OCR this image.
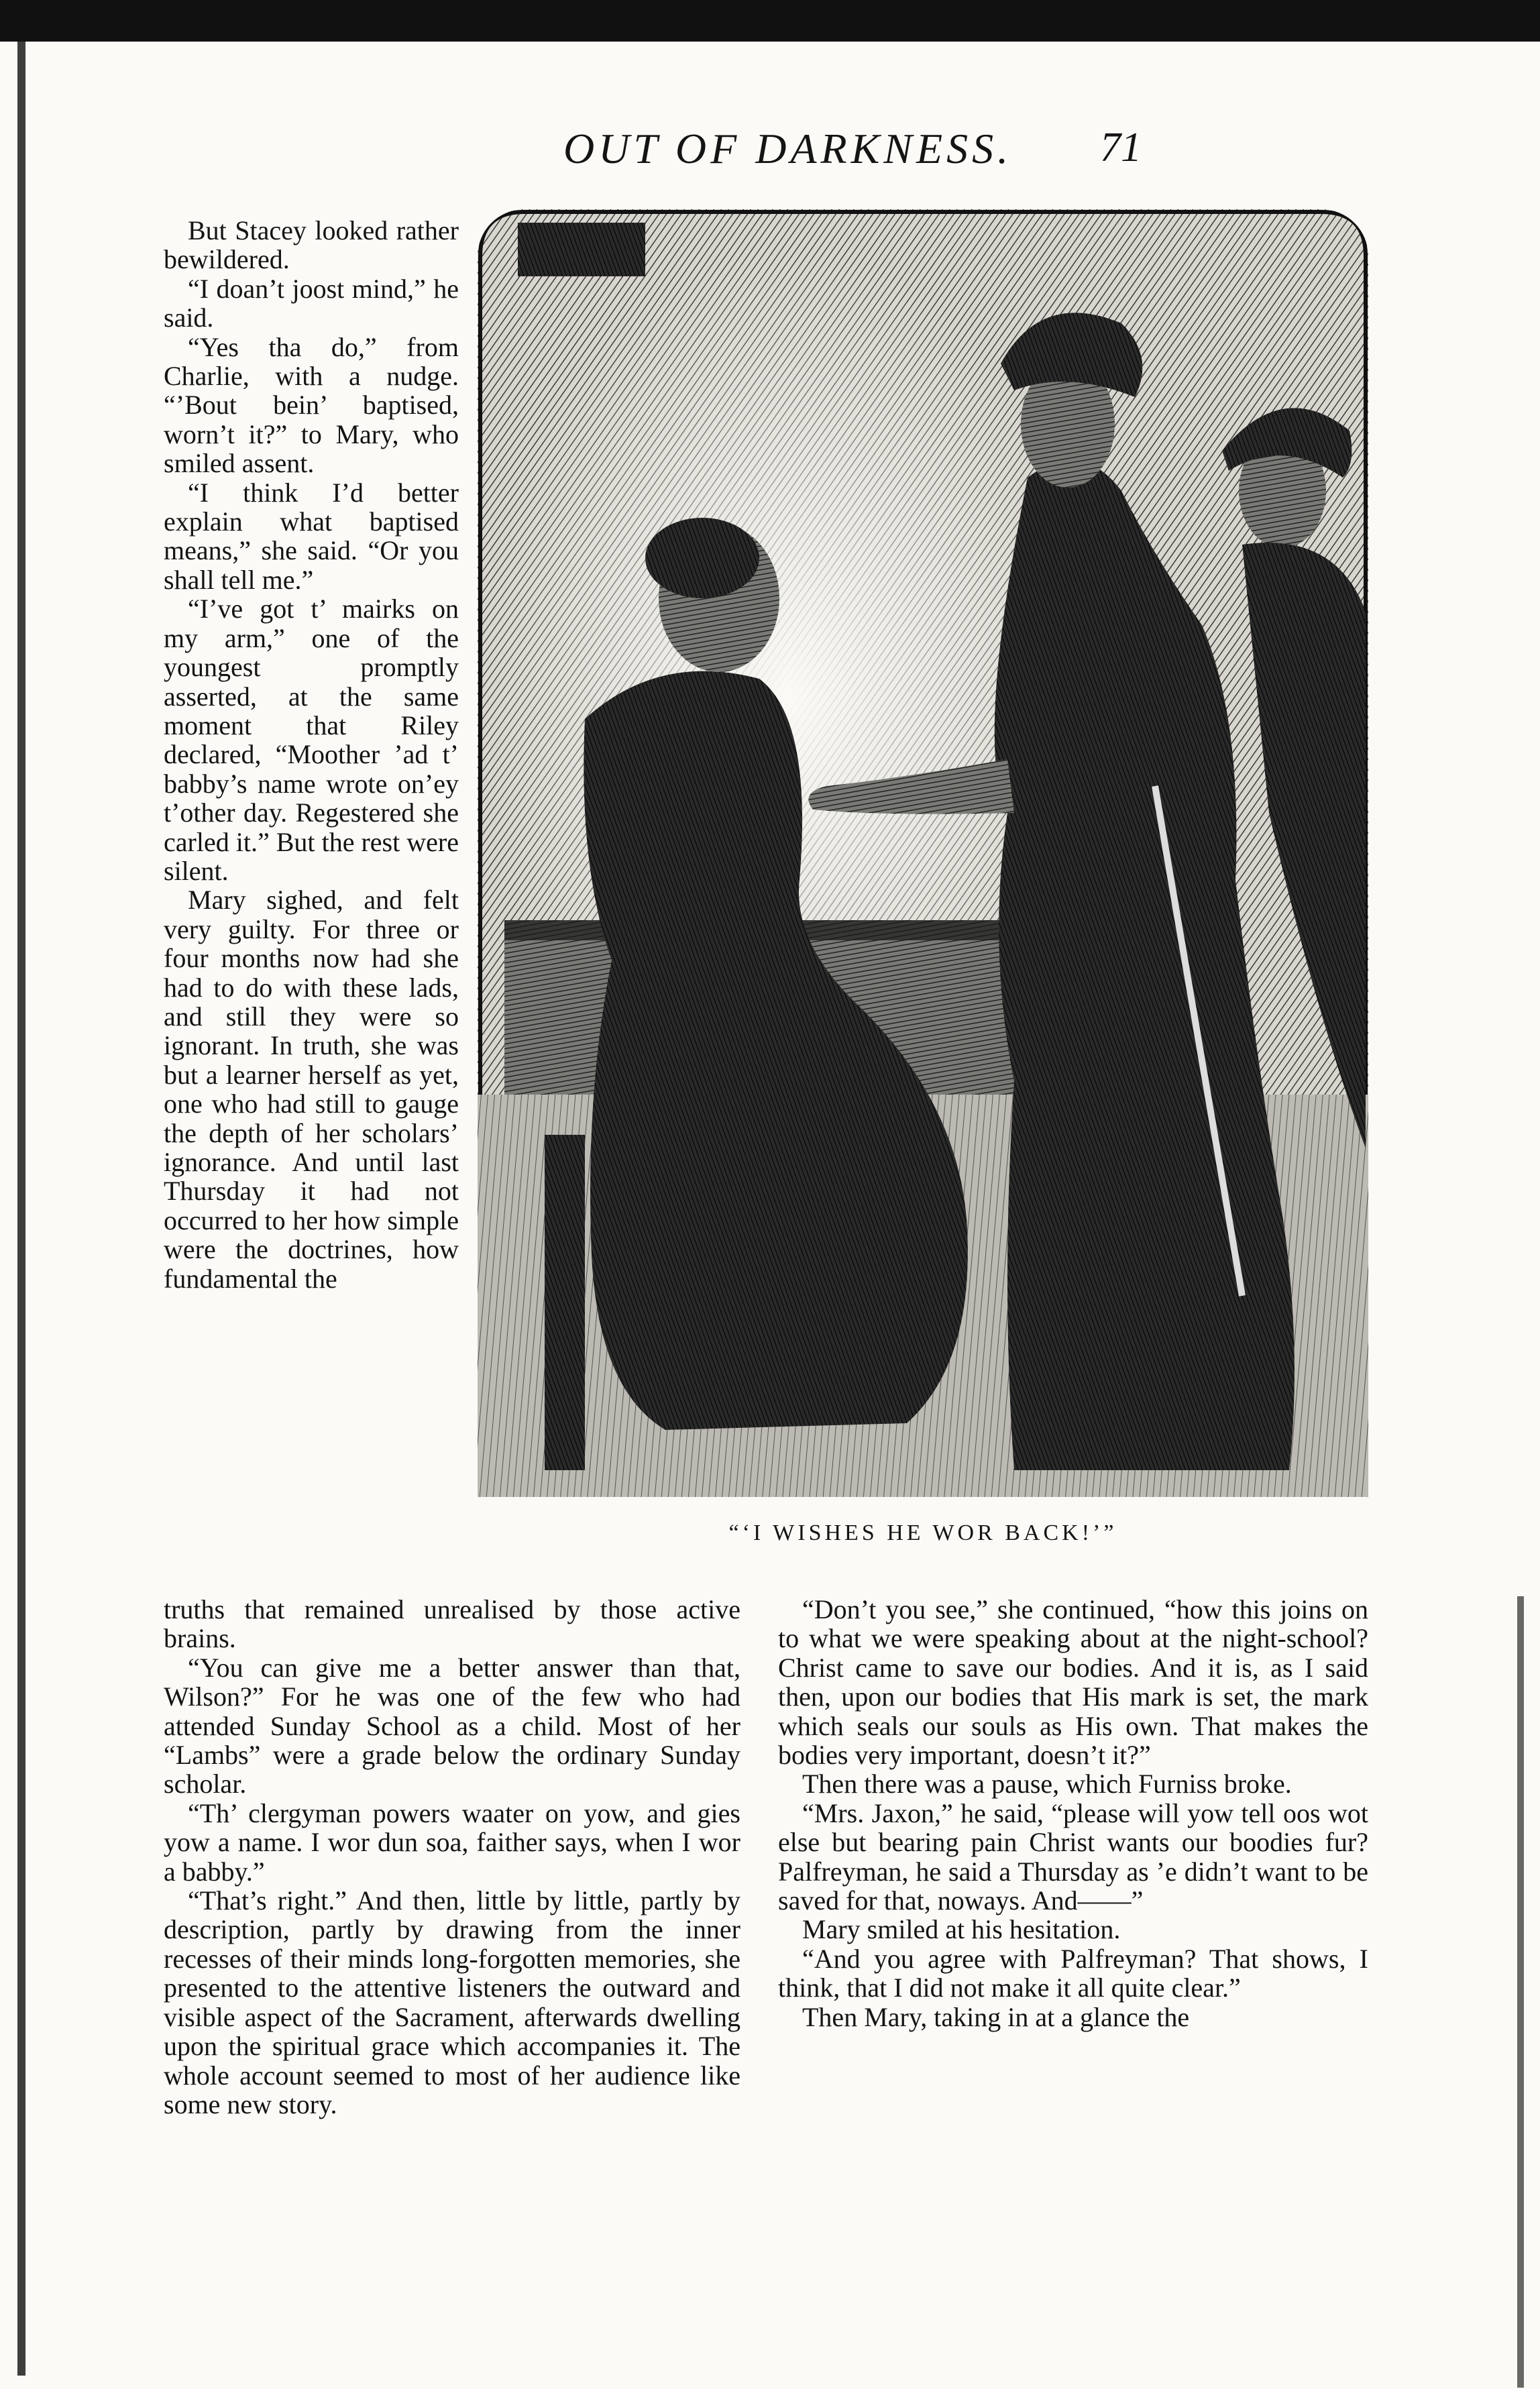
OUT OF DARKNESS. 71

But Stacey looked rather bewildered.

“I doan’t joost mind,” he said.

“Yes tha do,” from Charlie, with a nudge. “’Bout bein’ baptised, worn’t it?” to Mary, who smiled assent.

“I think I’d better explain what baptised means,” she said. “Or you shall tell me.”

“I’ve got t’ mairks on my arm,” one of the youngest promptly asserted, at the same moment that Riley declared, “Moother ’ad t’ babby’s name wrote on’ey t’other day. Regestered she carled it.” But the rest were silent.

Mary sighed, and felt very guilty. For three or four months now had she had to do with these lads, and still they were so ignorant. In truth, she was but a learner herself as yet, one who had still to gauge the depth of her scholars’ ignorance. And until last Thursday it had not occurred to her how simple were the doctrines, how fundamental the

“‘I WISHES HE WOR BACK!’”

truths that remained unrealised by those active brains.

“You can give me a better answer than that, Wilson?” For he was one of the few who had attended Sunday School as a child. Most of her “Lambs” were a grade below the ordinary Sunday scholar.

“Th’ clergyman powers waater on yow, and gies yow a name. I wor dun soa, faither says, when I wor a babby.”

“That’s right.” And then, little by little, partly by description, partly by drawing from the inner recesses of their minds long-forgotten memories, she presented to the attentive listeners the outward and visible aspect of the Sacrament, afterwards dwelling upon the spiritual grace which accompanies it. The whole account seemed to most of her audience like some new story.

“Don’t you see,” she continued, “how this joins on to what we were speaking about at the night-school? Christ came to save our bodies. And it is, as I said then, upon our bodies that His mark is set, the mark which seals our souls as His own. That makes the bodies very important, doesn’t it?”

Then there was a pause, which Furniss broke.

“Mrs. Jaxon,” he said, “please will yow tell oos wot else but bearing pain Christ wants our boodies fur? Palfreyman, he said a Thursday as ’e didn’t want to be saved for that, noways. And——”

Mary smiled at his hesitation.

“And you agree with Palfreyman? That shows, I think, that I did not make it all quite clear.”

Then Mary, taking in at a glance the
